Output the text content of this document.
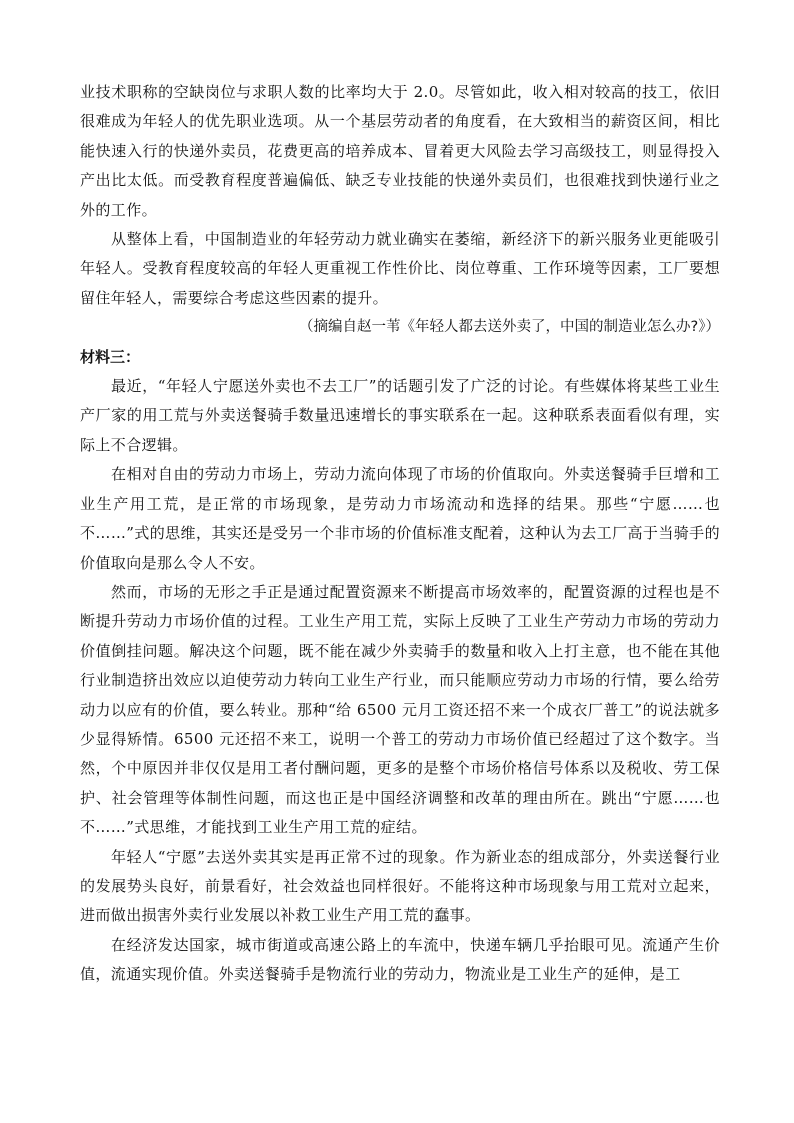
业技术职称的空缺岗位与求职人数的比率均大于 2.0。尽管如此，收入相对较高的技工，依旧很难成为年轻人的优先职业选项。从一个基层劳动者的角度看，在大致相当的薪资区间，相比能快速入行的快递外卖员，花费更高的培养成本、冒着更大风险去学习高级技工，则显得投入产出比太低。而受教育程度普遍偏低、缺乏专业技能的快递外卖员们，也很难找到快递行业之外的工作。

从整体上看，中国制造业的年轻劳动力就业确实在萎缩，新经济下的新兴服务业更能吸引年轻人。受教育程度较高的年轻人更重视工作性价比、岗位尊重、工作环境等因素，工厂要想留住年轻人，需要综合考虑这些因素的提升。

（摘编自赵一苇《年轻人都去送外卖了，中国的制造业怎么办?》）

材料三：

最近，“年轻人宁愿送外卖也不去工厂”的话题引发了广泛的讨论。有些媒体将某些工业生产厂家的用工荒与外卖送餐骑手数量迅速增长的事实联系在一起。这种联系表面看似有理，实际上不合逻辑。

在相对自由的劳动力市场上，劳动力流向体现了市场的价值取向。外卖送餐骑手巨增和工业生产用工荒，是正常的市场现象，是劳动力市场流动和选择的结果。那些“宁愿……也不……”式的思维，其实还是受另一个非市场的价值标准支配着，这种认为去工厂高于当骑手的价值取向是那么令人不安。

然而，市场的无形之手正是通过配置资源来不断提高市场效率的，配置资源的过程也是不断提升劳动力市场价值的过程。工业生产用工荒，实际上反映了工业生产劳动力市场的劳动力价值倒挂问题。解决这个问题，既不能在减少外卖骑手的数量和收入上打主意，也不能在其他行业制造挤出效应以迫使劳动力转向工业生产行业，而只能顺应劳动力市场的行情，要么给劳动力以应有的价值，要么转业。那种“给 6500 元月工资还招不来一个成衣厂普工”的说法就多少显得矫情。6500 元还招不来工，说明一个普工的劳动力市场价值已经超过了这个数字。当然，个中原因并非仅仅是用工者付酬问题，更多的是整个市场价格信号体系以及税收、劳工保护、社会管理等体制性问题，而这也正是中国经济调整和改革的理由所在。跳出“宁愿……也不……”式思维，才能找到工业生产用工荒的症结。

年轻人“宁愿”去送外卖其实是再正常不过的现象。作为新业态的组成部分，外卖送餐行业的发展势头良好，前景看好，社会效益也同样很好。不能将这种市场现象与用工荒对立起来，进而做出损害外卖行业发展以补救工业生产用工荒的蠢事。

在经济发达国家，城市街道或高速公路上的车流中，快递车辆几乎抬眼可见。流通产生价值，流通实现价值。外卖送餐骑手是物流行业的劳动力，物流业是工业生产的延伸，是工
